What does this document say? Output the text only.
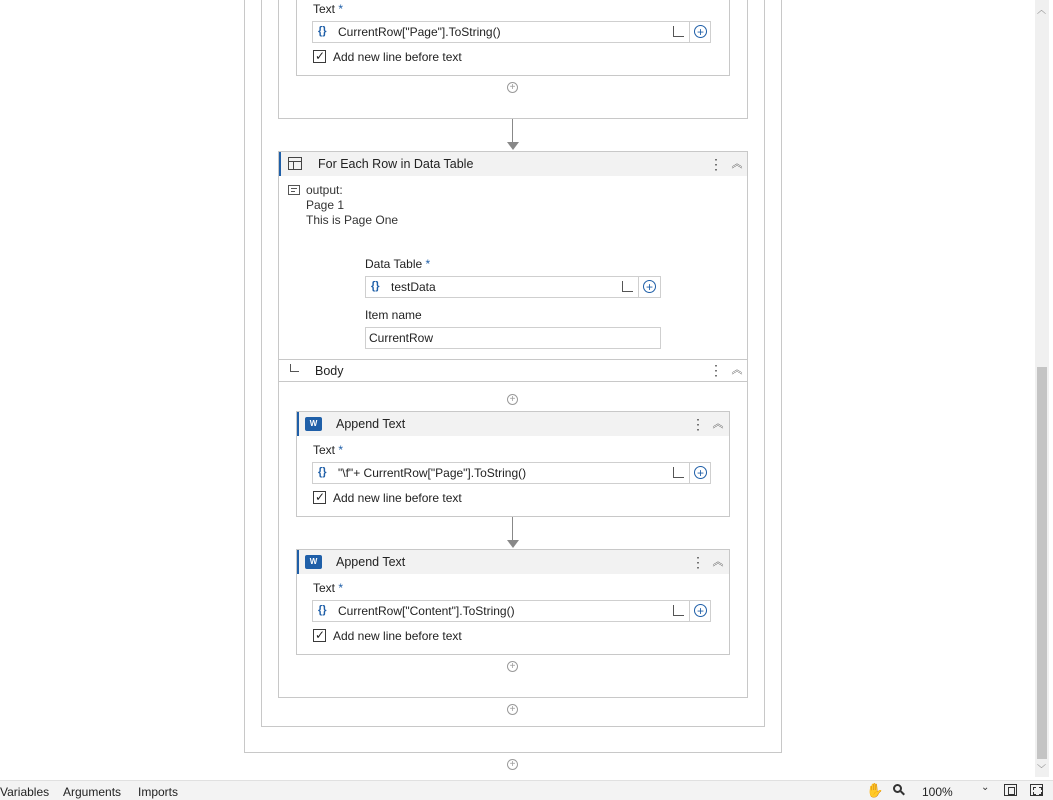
Text *
{} CurrentRow["Page"].ToString()	+
✓ Add new line before text
+
For Each Row in Data Table	⋮ ︽
output:
Page 1
This is Page One
Data Table *
{} testData	+
Item name
CurrentRow
Body	⋮ ︽
+
W	Append Text	⋮ ︽
Text *
{} "\f"+ CurrentRow["Page"].ToString()	+
✓ Add new line before text
W	Append Text	⋮ ︽
Text *
{} CurrentRow["Content"].ToString()	+
✓ Add new line before text
+
+
+
︿
﹀
Variables Arguments Imports	✋	100%	⌄
